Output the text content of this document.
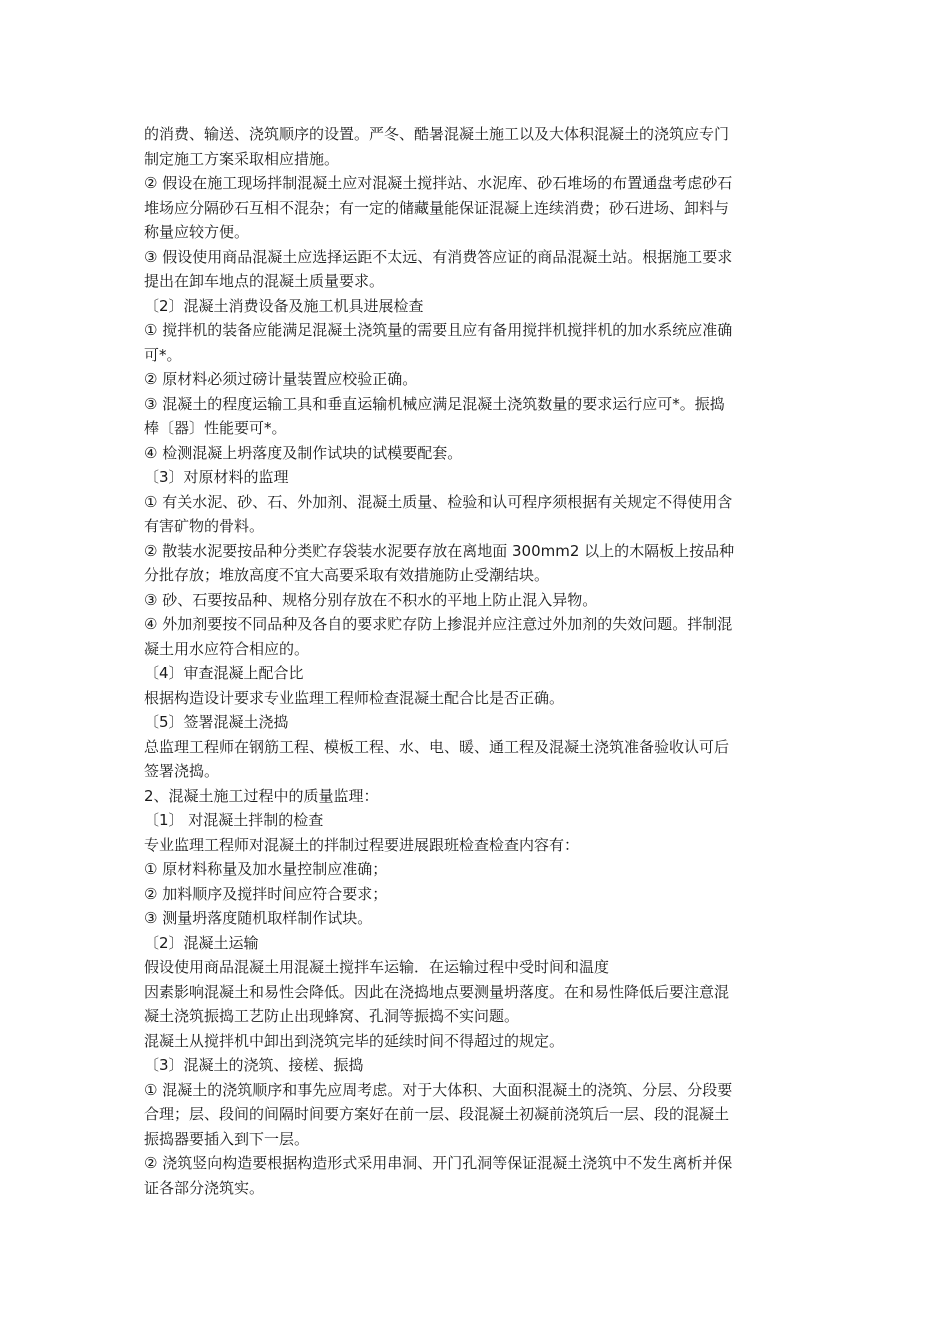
的消费、输送、浇筑顺序的设置。严冬、酷暑混凝土施工以及大体积混凝土的浇筑应专门
制定施工方案采取相应措施。
② 假设在施工现场拌制混凝土应对混凝土搅拌站、水泥库、砂石堆场的布置通盘考虑砂石
堆场应分隔砂石互相不混杂；有一定的储藏量能保证混凝上连续消费；砂石进场、卸料与
称量应较方便。
③ 假设使用商品混凝土应选择运距不太远、有消费答应证的商品混凝土站。根据施工要求
提出在卸车地点的混凝土质量要求。
〔2〕混凝土消费设备及施工机具进展检查
① 搅拌机的装备应能满足混凝土浇筑量的需要且应有备用搅拌机搅拌机的加水系统应准确
可*。
② 原材料必须过磅计量装置应校验正确。
③ 混凝土的程度运输工具和垂直运输机械应满足混凝土浇筑数量的要求运行应可*。振捣
棒〔器〕性能要可*。
④ 检测混凝上坍落度及制作试块的试模要配套。
〔3〕对原材料的监理
① 有关水泥、砂、石、外加剂、混凝土质量、检验和认可程序须根据有关规定不得使用含
有害矿物的骨料。
② 散装水泥要按品种分类贮存袋装水泥要存放在离地面 300mm2 以上的木隔板上按品种
分批存放；堆放高度不宜大高要采取有效措施防止受潮结块。
③ 砂、石要按品种、规格分别存放在不积水的平地上防止混入异物。
④ 外加剂要按不同品种及各自的要求贮存防上掺混并应注意过外加剂的失效问题。拌制混
凝土用水应符合相应的。
〔4〕审查混凝上配合比
根据构造设计要求专业监理工程师检查混凝土配合比是否正确。
〔5〕签署混凝土浇捣
总监理工程师在钢筋工程、模板工程、水、电、暖、通工程及混凝土浇筑准备验收认可后
签署浇捣。
2、混凝土施工过程中的质量监理：
〔1〕 对混凝土拌制的检查
专业监理工程师对混凝土的拌制过程要进展跟班检查检查内容有：
① 原材料称量及加水量控制应准确；
② 加料顺序及搅拌时间应符合要求；
③ 测量坍落度随机取样制作试块。
〔2〕混凝土运输
假设使用商品混凝土用混凝土搅拌车运输．在运输过程中受时间和温度
因素影响混凝土和易性会降低。因此在浇捣地点要测量坍落度。在和易性降低后要注意混
凝土浇筑振捣工艺防止出现蜂窝、孔洞等振捣不实问题。
混凝土从搅拌机中卸出到浇筑完毕的延续时间不得超过的规定。
〔3〕混凝土的浇筑、接槎、振捣
① 混凝土的浇筑顺序和事先应周考虑。对于大体积、大面积混凝土的浇筑、分层、分段要
合理；层、段间的间隔时间要方案好在前一层、段混凝土初凝前浇筑后一层、段的混凝土
振捣器要插入到下一层。
② 浇筑竖向构造要根据构造形式采用串洞、开门孔洞等保证混凝土浇筑中不发生离析并保
证各部分浇筑实。
